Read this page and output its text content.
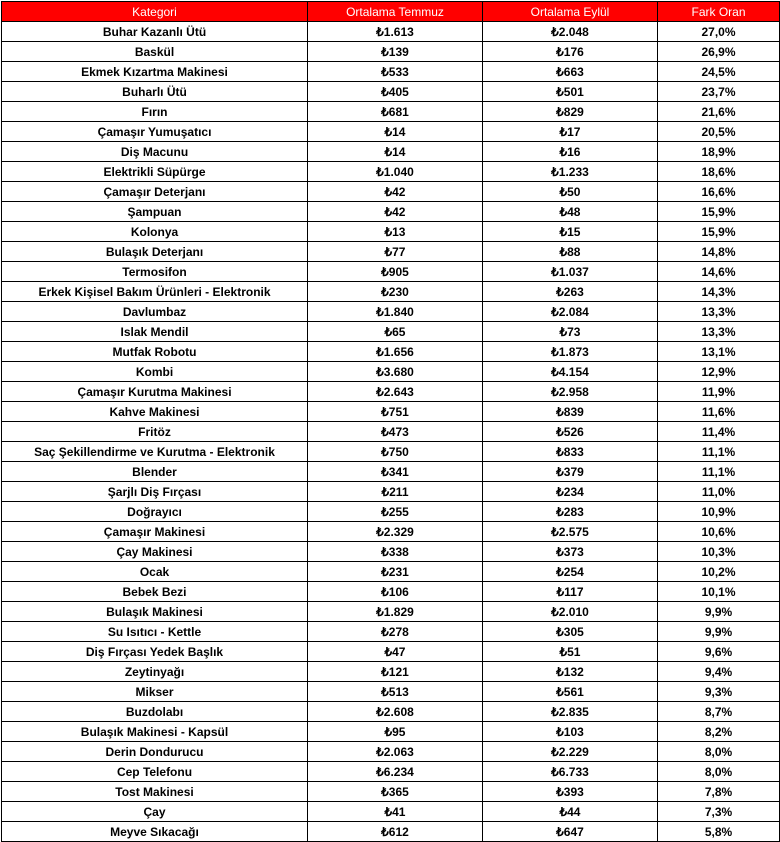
Kategori	Ortalama Temmuz	Ortalama Eylül	Fark Oran
Buhar Kazanlı Ütü	₺1.613	₺2.048	27,0%
Baskül	₺139	₺176	26,9%
Ekmek Kızartma Makinesi	₺533	₺663	24,5%
Buharlı Ütü	₺405	₺501	23,7%
Fırın	₺681	₺829	21,6%
Çamaşır Yumuşatıcı	₺14	₺17	20,5%
Diş Macunu	₺14	₺16	18,9%
Elektrikli Süpürge	₺1.040	₺1.233	18,6%
Çamaşır Deterjanı	₺42	₺50	16,6%
Şampuan	₺42	₺48	15,9%
Kolonya	₺13	₺15	15,9%
Bulaşık Deterjanı	₺77	₺88	14,8%
Termosifon	₺905	₺1.037	14,6%
Erkek Kişisel Bakım Ürünleri - Elektronik	₺230	₺263	14,3%
Davlumbaz	₺1.840	₺2.084	13,3%
Islak Mendil	₺65	₺73	13,3%
Mutfak Robotu	₺1.656	₺1.873	13,1%
Kombi	₺3.680	₺4.154	12,9%
Çamaşır Kurutma Makinesi	₺2.643	₺2.958	11,9%
Kahve Makinesi	₺751	₺839	11,6%
Fritöz	₺473	₺526	11,4%
Saç Şekillendirme ve Kurutma - Elektronik	₺750	₺833	11,1%
Blender	₺341	₺379	11,1%
Şarjlı Diş Fırçası	₺211	₺234	11,0%
Doğrayıcı	₺255	₺283	10,9%
Çamaşır Makinesi	₺2.329	₺2.575	10,6%
Çay Makinesi	₺338	₺373	10,3%
Ocak	₺231	₺254	10,2%
Bebek Bezi	₺106	₺117	10,1%
Bulaşık Makinesi	₺1.829	₺2.010	9,9%
Su Isıtıcı - Kettle	₺278	₺305	9,9%
Diş Fırçası Yedek Başlık	₺47	₺51	9,6%
Zeytinyağı	₺121	₺132	9,4%
Mikser	₺513	₺561	9,3%
Buzdolabı	₺2.608	₺2.835	8,7%
Bulaşık Makinesi - Kapsül	₺95	₺103	8,2%
Derin Dondurucu	₺2.063	₺2.229	8,0%
Cep Telefonu	₺6.234	₺6.733	8,0%
Tost Makinesi	₺365	₺393	7,8%
Çay	₺41	₺44	7,3%
Meyve Sıkacağı	₺612	₺647	5,8%
